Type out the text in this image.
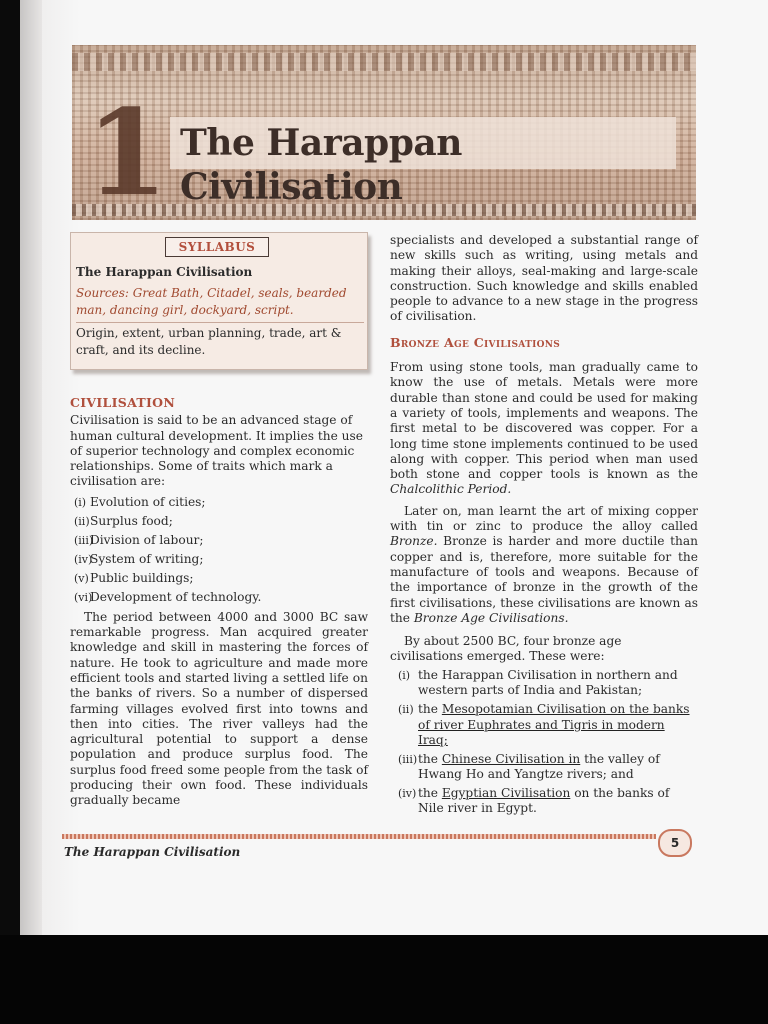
1 The Harappan Civilisation
SYLLABUS
The Harappan Civilisation
Sources: Great Bath, Citadel, seals, bearded man, dancing girl, dockyard, script.
Origin, extent, urban planning, trade, art & craft, and its decline.

CIVILISATION

Civilisation is said to be an advanced stage of human cultural development. It implies the use of superior technology and complex economic relationships. Some of traits which mark a civilisation are:

(i) Evolution of cities;
(ii) Surplus food;
(iii)
Division of labour;
(iv)
System of writing;
(v) Public buildings;
(vi)
Development of technology.

The period between 4000 and 3000 BC saw remarkable progress. Man acquired greater knowledge and skill in mastering the forces of nature. He took to agriculture and made more efficient tools and started living a settled life on the banks of rivers. So a number of dispersed farming villages evolved first into towns and then into cities. The river valleys had the agricultural potential to support a dense population and produce surplus food. The surplus food freed some people from the task of producing their own food. These individuals gradually became

specialists and developed a substantial range of new skills such as writing, using metals and making their alloys, seal-making and large-scale construction. Such knowledge and skills enabled people to advance to a new stage in the progress of civilisation.

Bronze Age Civilisations

From using stone tools, man gradually came to know the use of metals. Metals were more durable than stone and could be used for making a variety of tools, implements and weapons. The first metal to be discovered was copper. For a long time stone implements continued to be used along with copper. This period when man used both stone and copper tools is known as the Chalcolithic Period.

Later on, man learnt the art of mixing copper with tin or zinc to produce the alloy called Bronze. Bronze is harder and more ductile than copper and is, therefore, more suitable for the manufacture of tools and weapons. Because of the importance of bronze in the growth of the first civilisations, these civilisations are known as the Bronze Age Civilisations.

By about 2500 BC, four bronze age civilisations emerged. These were:

(i) the Harappan Civilisation in northern and western parts of India and Pakistan;
(ii) the Mesopotamian Civilisation on the banks of river Euphrates and Tigris in modern Iraq;
(iii) the Chinese Civilisation in the valley of Hwang Ho and Yangtze rivers; and
(iv) the Egyptian Civilisation on the banks of Nile river in Egypt.
The Harappan Civilisation
5
